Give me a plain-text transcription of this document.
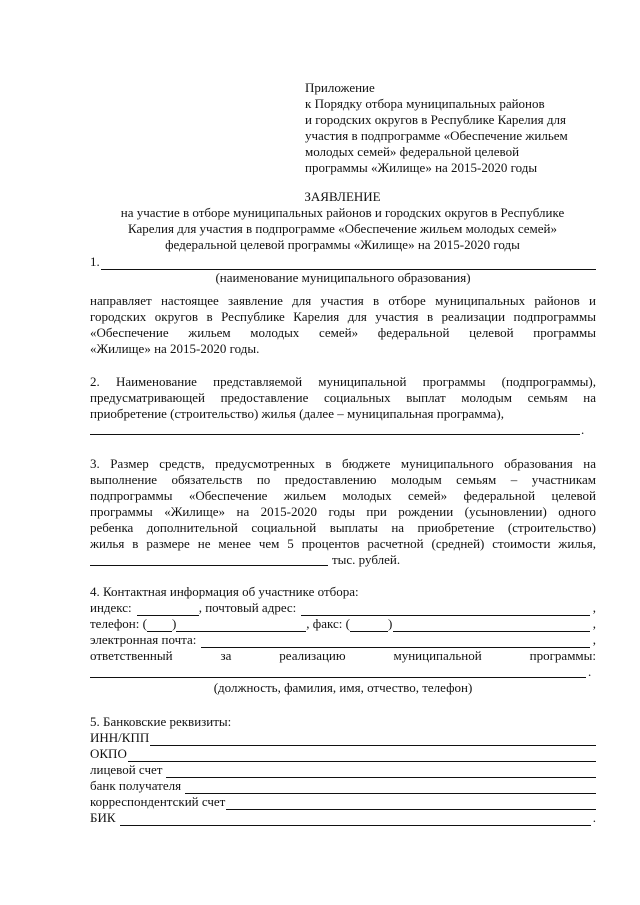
Приложение
к Порядку отбора муниципальных районов
и городских округов в Республике Карелия для
участия в подпрограмме «Обеспечение жильем
молодых семей» федеральной целевой
программы «Жилище» на 2015-2020 годы
ЗАЯВЛЕНИЕ
на участие в отборе муниципальных районов и городских округов в Республике
Карелия для участия в подпрограмме «Обеспечение жильем молодых семей»
федеральной целевой программы «Жилище» на 2015-2020 годы
1.
(наименование муниципального образования)
направляет настоящее заявление для участия в отборе муниципальных районов и
городских округов в Республике Карелия для участия в реализации подпрограммы
«Обеспечение жильем молодых семей» федеральной целевой программы
«Жилище» на 2015-2020 годы.
2. Наименование представляемой муниципальной программы (подпрограммы),
предусматривающей предоставление социальных выплат молодым семьям на
приобретение (строительство) жилья (далее – муниципальная программа),
.
3. Размер средств, предусмотренных в бюджете муниципального образования на
выполнение обязательств по предоставлению молодым семьям – участникам
подпрограммы «Обеспечение жильем молодых семей» федеральной целевой
программы «Жилище» на 2015-2020 годы при рождении (усыновлении) одного
ребенка дополнительной социальной выплаты на приобретение (строительство)
жилья в размере не менее чем 5 процентов расчетной (средней) стоимости жилья,
тыс. рублей.
4. Контактная информация об участнике отбора:
индекс:	, почтовый адрес:	,
телефон: ( )	, факс: (	)	,
электронная почта:	,
ответственный	за	реализацию	муниципальной	программы:
.
(должность, фамилия, имя, отчество, телефон)
5. Банковские реквизиты:
ИНН/КПП
ОКПО
лицевой счет
банк получателя
корреспондентский счет
БИК	.
